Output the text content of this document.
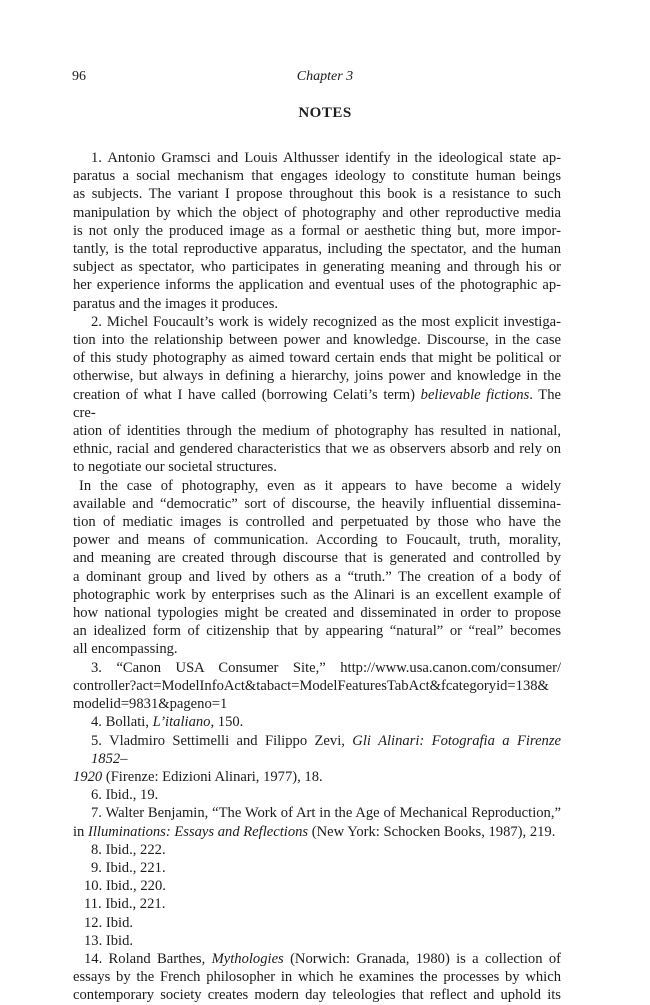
96	Chapter 3
NOTES
1. Antonio Gramsci and Louis Althusser identify in the ideological state ap-
paratus a social mechanism that engages ideology to constitute human beings
as subjects. The variant I propose throughout this book is a resistance to such
manipulation by which the object of photography and other reproductive media
is not only the produced image as a formal or aesthetic thing but, more impor-
tantly, is the total reproductive apparatus, including the spectator, and the human
subject as spectator, who participates in generating meaning and through his or
her experience informs the application and eventual uses of the photographic ap-
paratus and the images it produces.
2. Michel Foucault’s work is widely recognized as the most explicit investiga-
tion into the relationship between power and knowledge. Discourse, in the case
of this study photography as aimed toward certain ends that might be political or
otherwise, but always in defining a hierarchy, joins power and knowledge in the
creation of what I have called (borrowing Celati’s term) believable fictions. The cre-
ation of identities through the medium of photography has resulted in national,
ethnic, racial and gendered characteristics that we as observers absorb and rely on
to negotiate our societal structures.
In the case of photography, even as it appears to have become a widely
available and “democratic” sort of discourse, the heavily influential dissemina-
tion of mediatic images is controlled and perpetuated by those who have the
power and means of communication. According to Foucault, truth, morality,
and meaning are created through discourse that is generated and controlled by
a dominant group and lived by others as a “truth.” The creation of a body of
photographic work by enterprises such as the Alinari is an excellent example of
how national typologies might be created and disseminated in order to propose
an idealized form of citizenship that by appearing “natural” or “real” becomes
all encompassing.
3. “Canon USA Consumer Site,” http://www.usa.canon.com/consumer/
controller?act=ModelInfoAct&tabact=ModelFeaturesTabAct&fcategoryid=138&
modelid=9831&pageno=1
4. Bollati, L’italiano, 150.
5. Vladmiro Settimelli and Filippo Zevi, Gli Alinari: Fotografia a Firenze 1852–
1920 (Firenze: Edizioni Alinari, 1977), 18.
6. Ibid., 19.
7. Walter Benjamin, “The Work of Art in the Age of Mechanical Reproduction,”
in Illuminations: Essays and Reflections (New York: Schocken Books, 1987), 219.
8. Ibid., 222.
9. Ibid., 221.
10. Ibid., 220.
11. Ibid., 221.
12. Ibid.
13. Ibid.
14. Roland Barthes, Mythologies (Norwich: Granada, 1980) is a collection of
essays by the French philosopher in which he examines the processes by which
contemporary society creates modern day teleologies that reflect and uphold its
